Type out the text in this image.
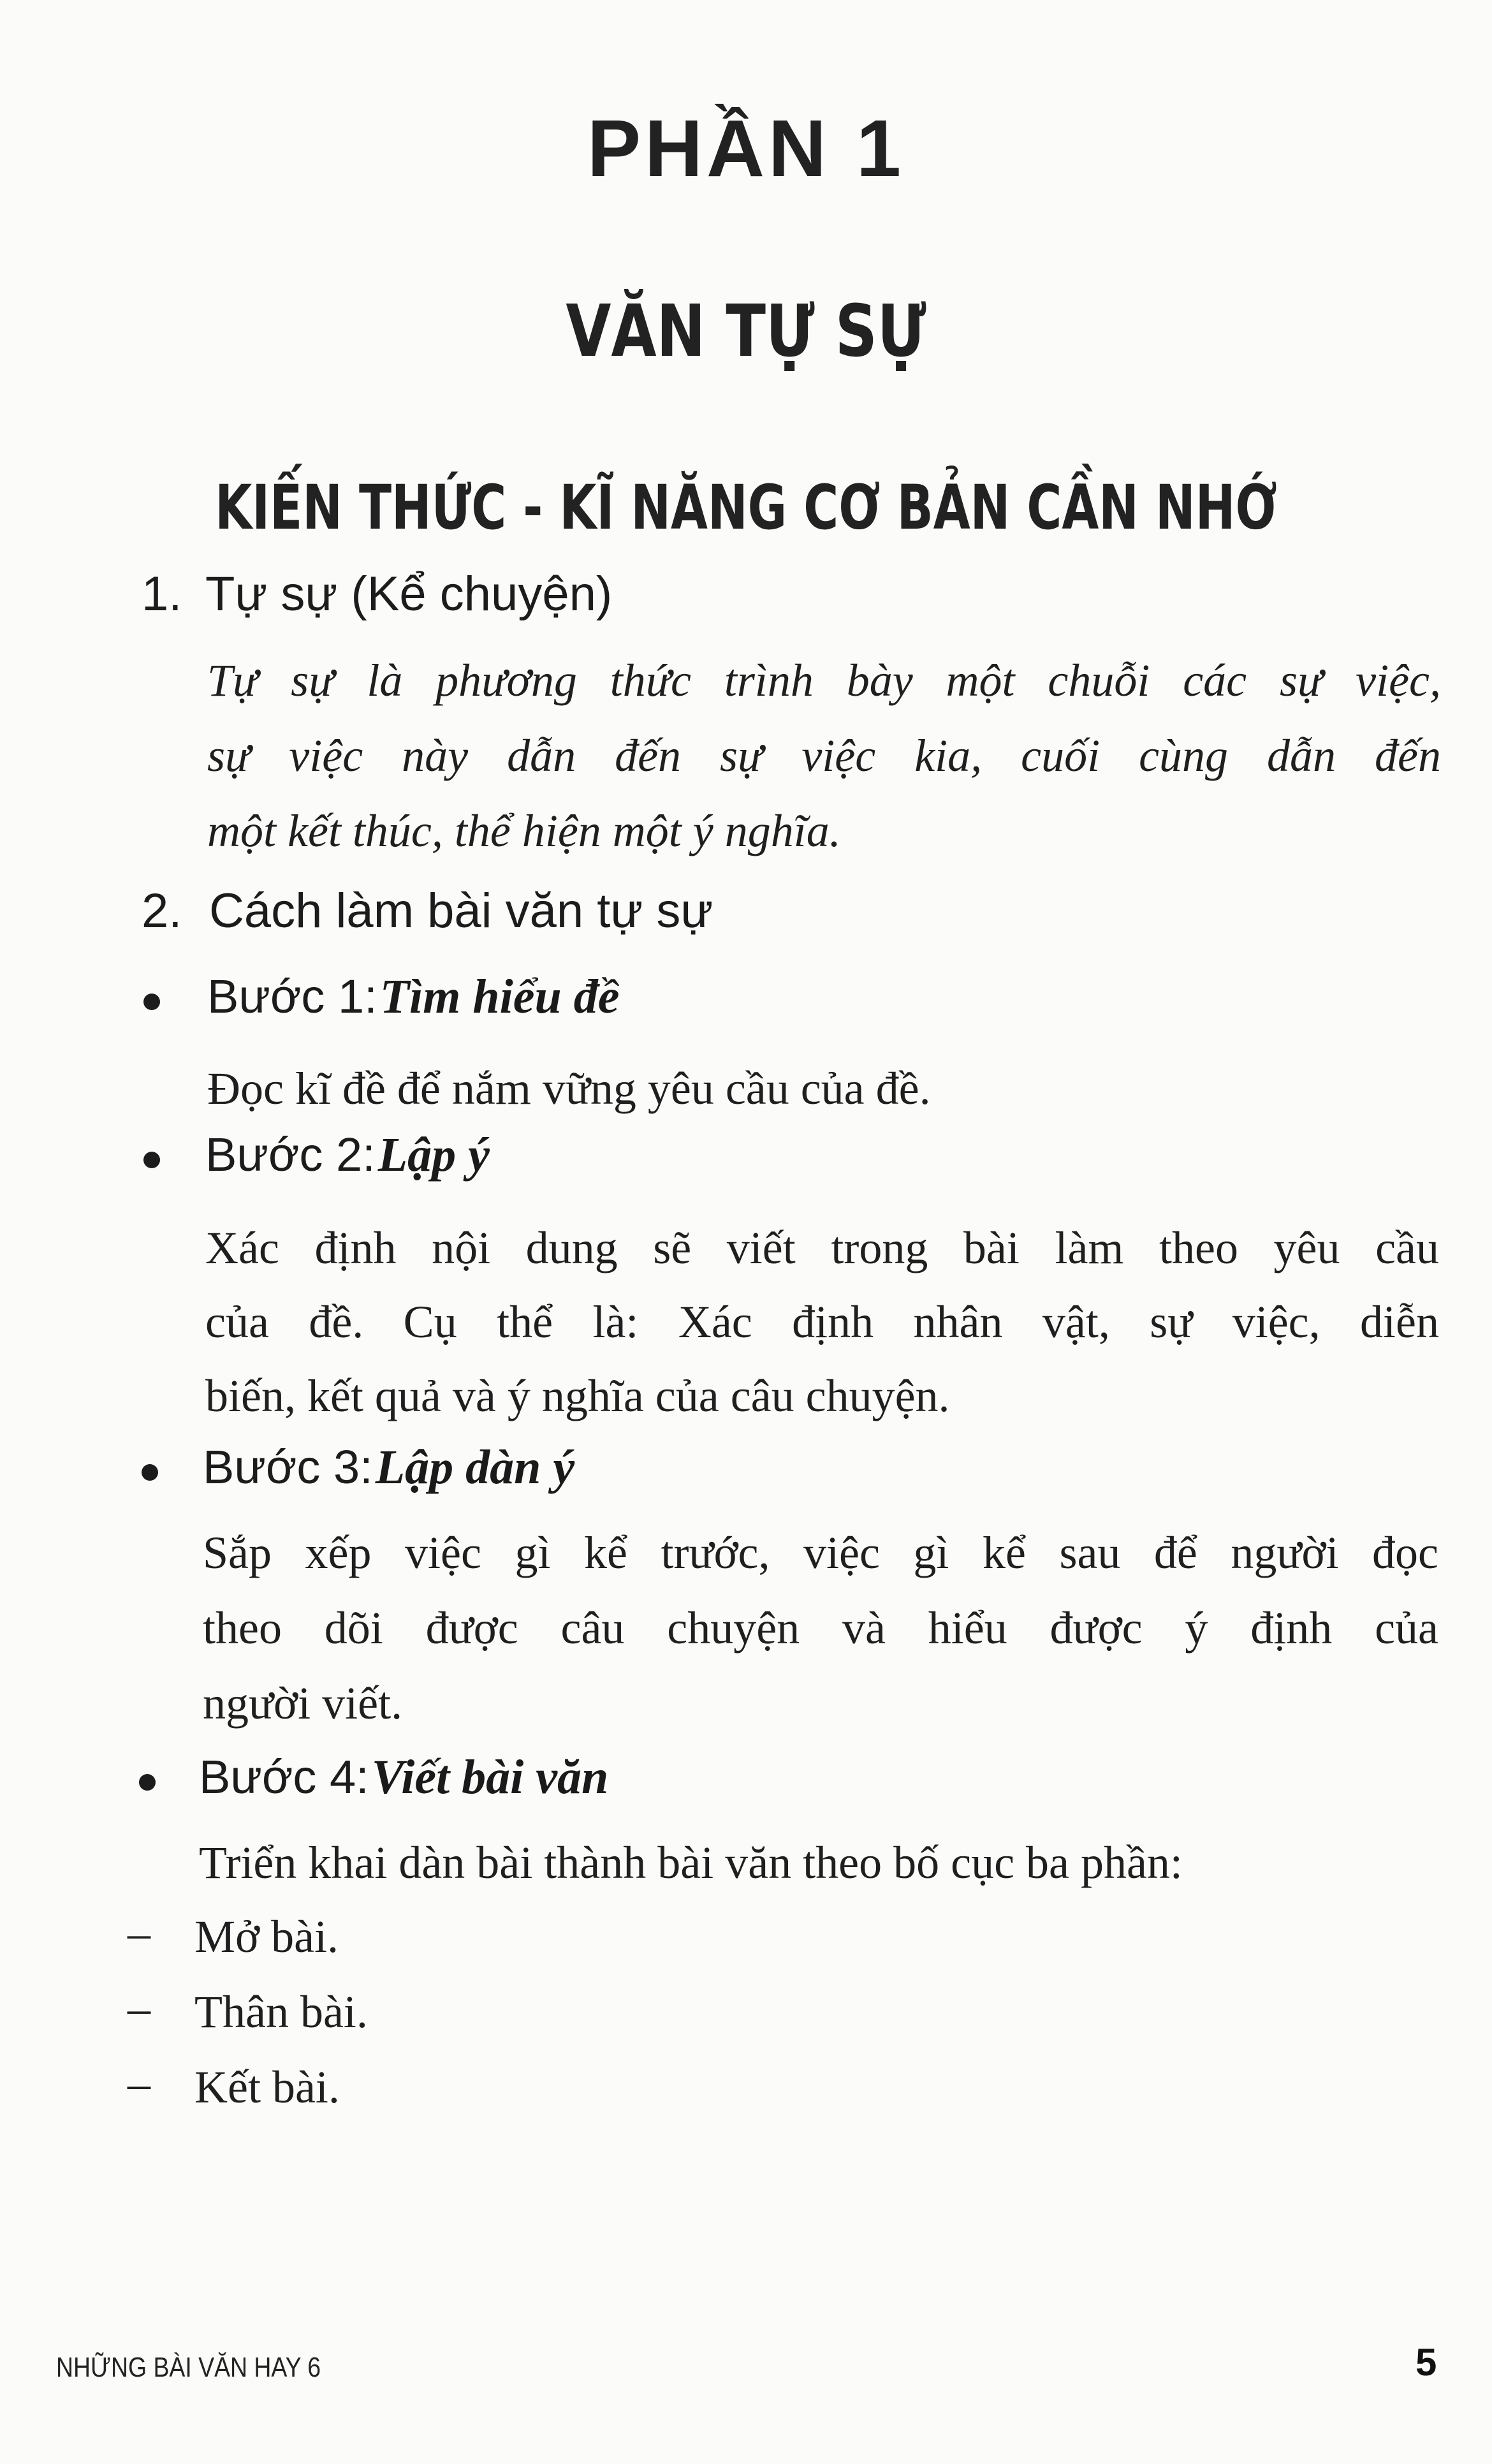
PHẦN 1
VĂN TỰ SỰ
KIẾN THỨC - KĨ NĂNG CƠ BẢN CẦN NHỚ
1. Tự sự (Kể chuyện)
Tự sự là phương thức trình bày một chuỗi các sự việc,
sự việc này dẫn đến sự việc kia, cuối cùng dẫn đến
một kết thúc, thể hiện một ý nghĩa.
2. Cách làm bài văn tự sự
Bước 1: Tìm hiểu đề
Đọc kĩ đề để nắm vững yêu cầu của đề.
Bước 2: Lập ý
Xác định nội dung sẽ viết trong bài làm theo yêu cầu
của đề. Cụ thể là: Xác định nhân vật, sự việc, diễn
biến, kết quả và ý nghĩa của câu chuyện.
Bước 3: Lập dàn ý
Sắp xếp việc gì kể trước, việc gì kể sau để người đọc
theo dõi được câu chuyện và hiểu được ý định của
người viết.
Bước 4: Viết bài văn
Triển khai dàn bài thành bài văn theo bố cục ba phần:
– Mở bài.
– Thân bài.
– Kết bài.
NHỮNG BÀI VĂN HAY 6	5
